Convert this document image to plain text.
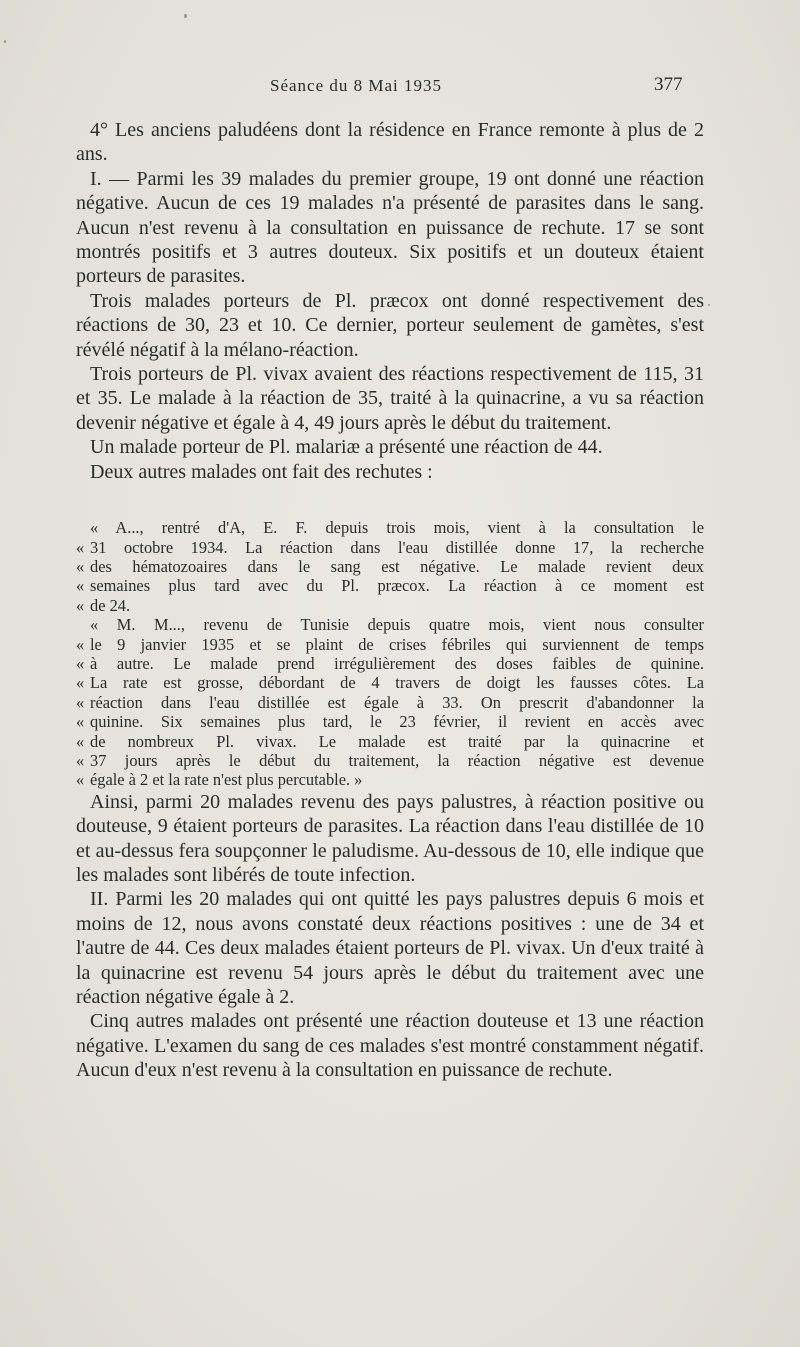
Séance du 8 Mai 1935	377

4° Les anciens paludéens dont la résidence en France remonte à plus de 2 ans.

I. — Parmi les 39 malades du premier groupe, 19 ont donné une réaction négative. Aucun de ces 19 malades n'a présenté de parasites dans le sang. Aucun n'est revenu à la consultation en puissance de rechute. 17 se sont montrés positifs et 3 autres douteux. Six positifs et un douteux étaient porteurs de parasites.

Trois malades porteurs de Pl. præcox ont donné respectivement des réactions de 30, 23 et 10. Ce dernier, porteur seulement de gamètes, s'est révélé négatif à la mélano-réaction.

Trois porteurs de Pl. vivax avaient des réactions respectivement de 115, 31 et 35. Le malade à la réaction de 35, traité à la quinacrine, a vu sa réaction devenir négative et égale à 4, 49 jours après le début du traitement.

Un malade porteur de Pl. malariæ a présenté une réaction de 44.

Deux autres malades ont fait des rechutes :

« A..., rentré d'A, E. F. depuis trois mois, vient à la consultation le
« 31 octobre 1934. La réaction dans l'eau distillée donne 17, la recherche
« des hématozoaires dans le sang est négative. Le malade revient deux
« semaines plus tard avec du Pl. præcox. La réaction à ce moment est
« de 24.
« M. M..., revenu de Tunisie depuis quatre mois, vient nous consulter
« le 9 janvier 1935 et se plaint de crises fébriles qui surviennent de temps
« à autre. Le malade prend irrégulièrement des doses faibles de quinine.
« La rate est grosse, débordant de 4 travers de doigt les fausses côtes. La
« réaction dans l'eau distillée est égale à 33. On prescrit d'abandonner la
« quinine. Six semaines plus tard, le 23 février, il revient en accès avec
« de nombreux Pl. vivax. Le malade est traité par la quinacrine et
« 37 jours après le début du traitement, la réaction négative est devenue
« égale à 2 et la rate n'est plus percutable. »

Ainsi, parmi 20 malades revenu des pays palustres, à réaction positive ou douteuse, 9 étaient porteurs de parasites. La réaction dans l'eau distillée de 10 et au-dessus fera soupçonner le paludisme. Au-dessous de 10, elle indique que les malades sont libérés de toute infection.

II. Parmi les 20 malades qui ont quitté les pays palustres depuis 6 mois et moins de 12, nous avons constaté deux réactions positives : une de 34 et l'autre de 44. Ces deux malades étaient porteurs de Pl. vivax. Un d'eux traité à la quinacrine est revenu 54 jours après le début du traitement avec une réaction négative égale à 2.

Cinq autres malades ont présenté une réaction douteuse et 13 une réaction négative. L'examen du sang de ces malades s'est montré constamment négatif. Aucun d'eux n'est revenu à la consultation en puissance de rechute.
